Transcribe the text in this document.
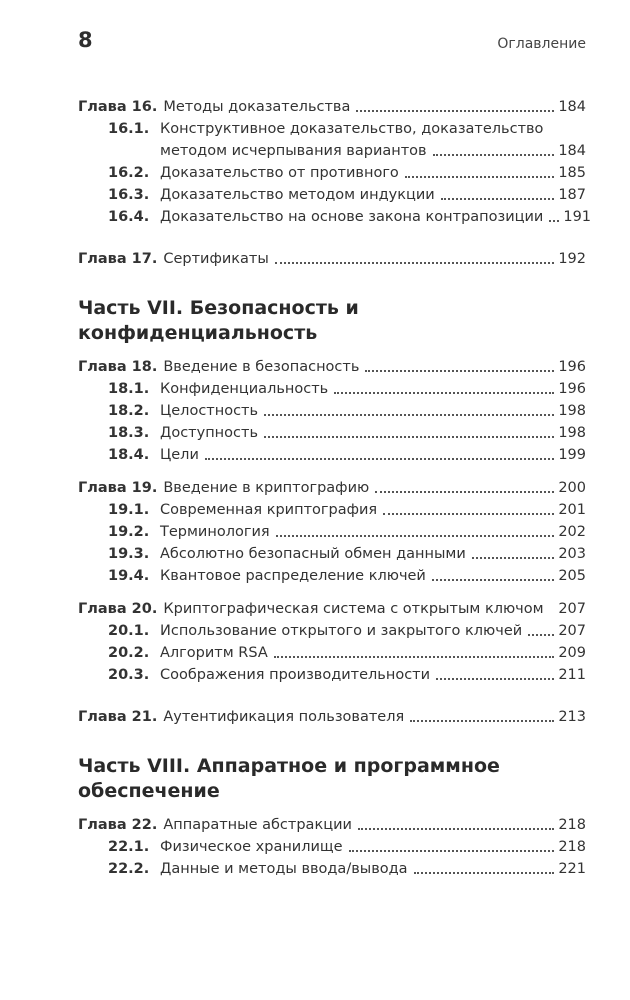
8	Оглавление
Глава 16. Методы доказательства	184
16.1. Конструктивное доказательство, доказательство
методом исчерпывания вариантов	184
16.2. Доказательство от противного	185
16.3. Доказательство методом индукции	187
16.4. Доказательство на основе закона контрапозиции 191
Глава 17. Сертификаты	192
Часть VII. Безопасность и конфиденциальность
Глава 18. Введение в безопасность	196
18.1. Конфиденциальность	196
18.2. Целостность	198
18.3. Доступность	198
18.4. Цели	199
Глава 19. Введение в криптографию	200
19.1. Современная криптография	201
19.2. Терминология	202
19.3. Абсолютно безопасный обмен данными	203
19.4. Квантовое распределение ключей	205
Глава 20. Криптографическая система с открытым ключом 207
20.1. Использование открытого и закрытого ключей 207
20.2. Алгоритм RSA	209
20.3. Соображения производительности	211
Глава 21. Аутентификация пользователя	213
Часть VIII. Аппаратное и программное
обеспечение
Глава 22. Аппаратные абстракции	218
22.1. Физическое хранилище	218
22.2. Данные и методы ввода/вывода	221
